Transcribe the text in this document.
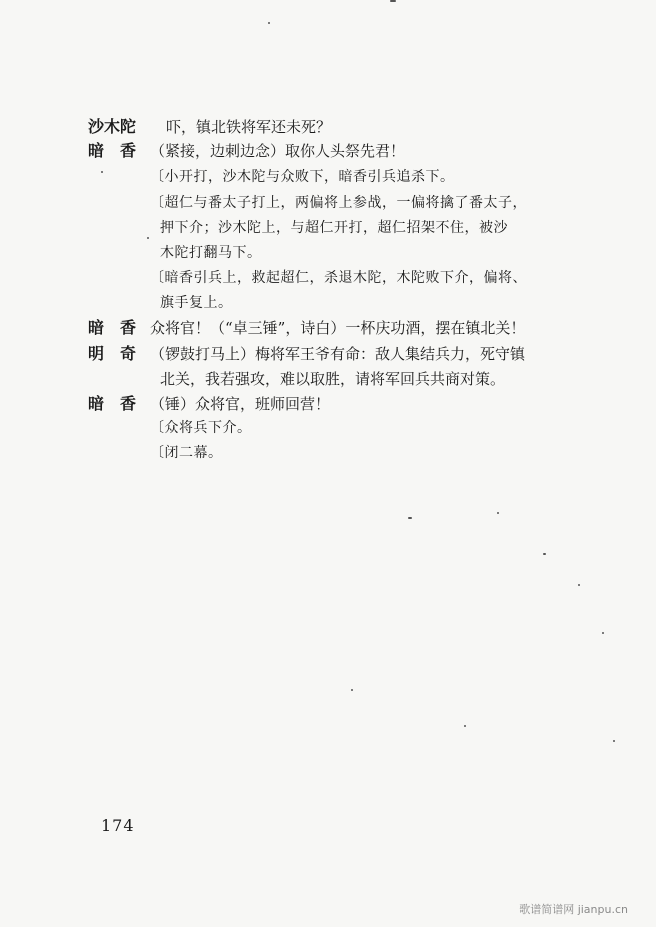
沙木陀 吓，镇北铁将军还未死？
暗　香 （紧接，边刺边念）取你人头祭先君！
〔小开打，沙木陀与众败下，暗香引兵追杀下。
〔超仁与番太子打上，两偏将上参战，一偏将擒了番太子，
押下介；沙木陀上，与超仁开打，超仁招架不住，被沙
木陀打翻马下。
〔暗香引兵上，救起超仁，杀退木陀，木陀败下介，偏将、
旗手复上。
暗　香 众将官！（“卓三锤”，诗白）一杯庆功酒，摆在镇北关！
明　奇 （锣鼓打马上）梅将军王爷有命：敌人集结兵力，死守镇
北关，我若强攻，难以取胜，请将军回兵共商对策。
暗　香 （锤）众将官，班师回营！
〔众将兵下介。
〔闭二幕。
174
歌谱简谱网 jianpu.cn
